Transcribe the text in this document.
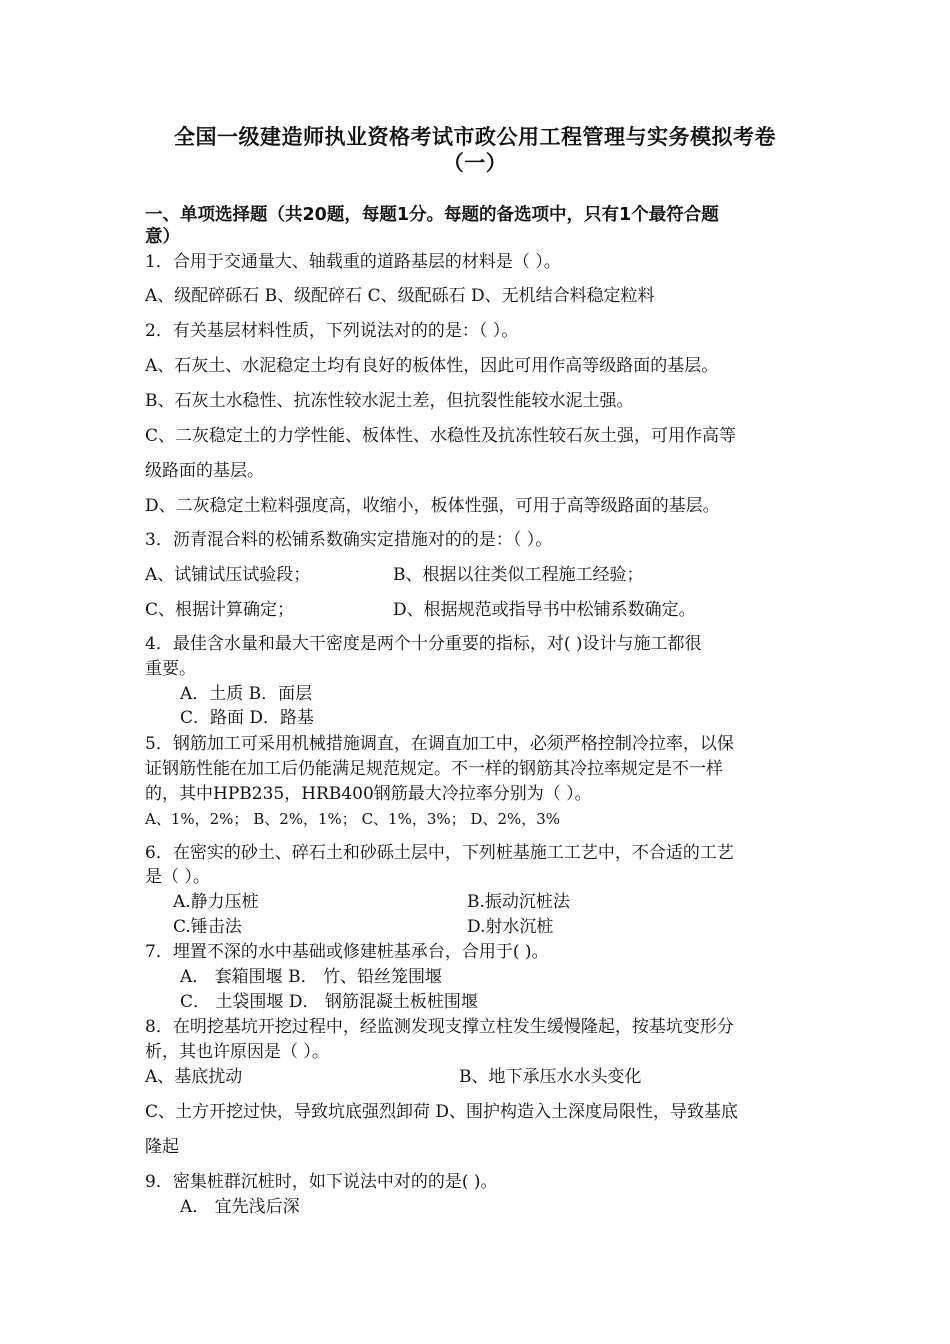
全国一级建造师执业资格考试市政公用工程管理与实务模拟考卷
（一）
一、单项选择题（共20题，每题1分。每题的备选项中，只有1个最符合题
意）
1．合用于交通量大、轴载重的道路基层的材料是（ ）。
A、级配碎砾石 B、级配碎石 C、级配砾石 D、无机结合料稳定粒料
2．有关基层材料性质，下列说法对的的是：（ ）。
A、石灰土、水泥稳定土均有良好的板体性，因此可用作高等级路面的基层。
B、石灰土水稳性、抗冻性较水泥土差，但抗裂性能较水泥土强。
C、二灰稳定土的力学性能、板体性、水稳性及抗冻性较石灰土强，可用作高等
级路面的基层。
D、二灰稳定土粒料强度高，收缩小，板体性强，可用于高等级路面的基层。
3．沥青混合料的松铺系数确实定措施对的的是：（ ）。
A、试铺试压试验段；	B、根据以往类似工程施工经验；
C、根据计算确定；	D、根据规范或指导书中松铺系数确定。
4．最佳含水量和最大干密度是两个十分重要的指标，对( )设计与施工都很
重要。
A．土质 B．面层
C．路面 D．路基
5．钢筋加工可采用机械措施调直，在调直加工中，必须严格控制冷拉率，以保
证钢筋性能在加工后仍能满足规范规定。不一样的钢筋其冷拉率规定是不一样
的，其中HPB235，HRB400钢筋最大冷拉率分别为（ ）。
A、1%，2%； B、2%，1%； C、1%，3%； D、2%，3%
6．在密实的砂土、碎石土和砂砾土层中，下列桩基施工工艺中，不合适的工艺
是（ ）。
A.静力压桩	B.振动沉桩法
C.锤击法	D.射水沉桩
7．埋置不深的水中基础或修建桩基承台，合用于( )。
A． 套箱围堰 B． 竹、铅丝笼围堰
C． 土袋围堰 D． 钢筋混凝土板桩围堰
8．在明挖基坑开挖过程中，经监测发现支撑立柱发生缓慢隆起，按基坑变形分
析，其也许原因是（ ）。
A、基底扰动	B、地下承压水水头变化
C、土方开挖过快，导致坑底强烈卸荷 D、围护构造入土深度局限性，导致基底
隆起
9．密集桩群沉桩时，如下说法中对的的是( )。
A． 宜先浅后深
